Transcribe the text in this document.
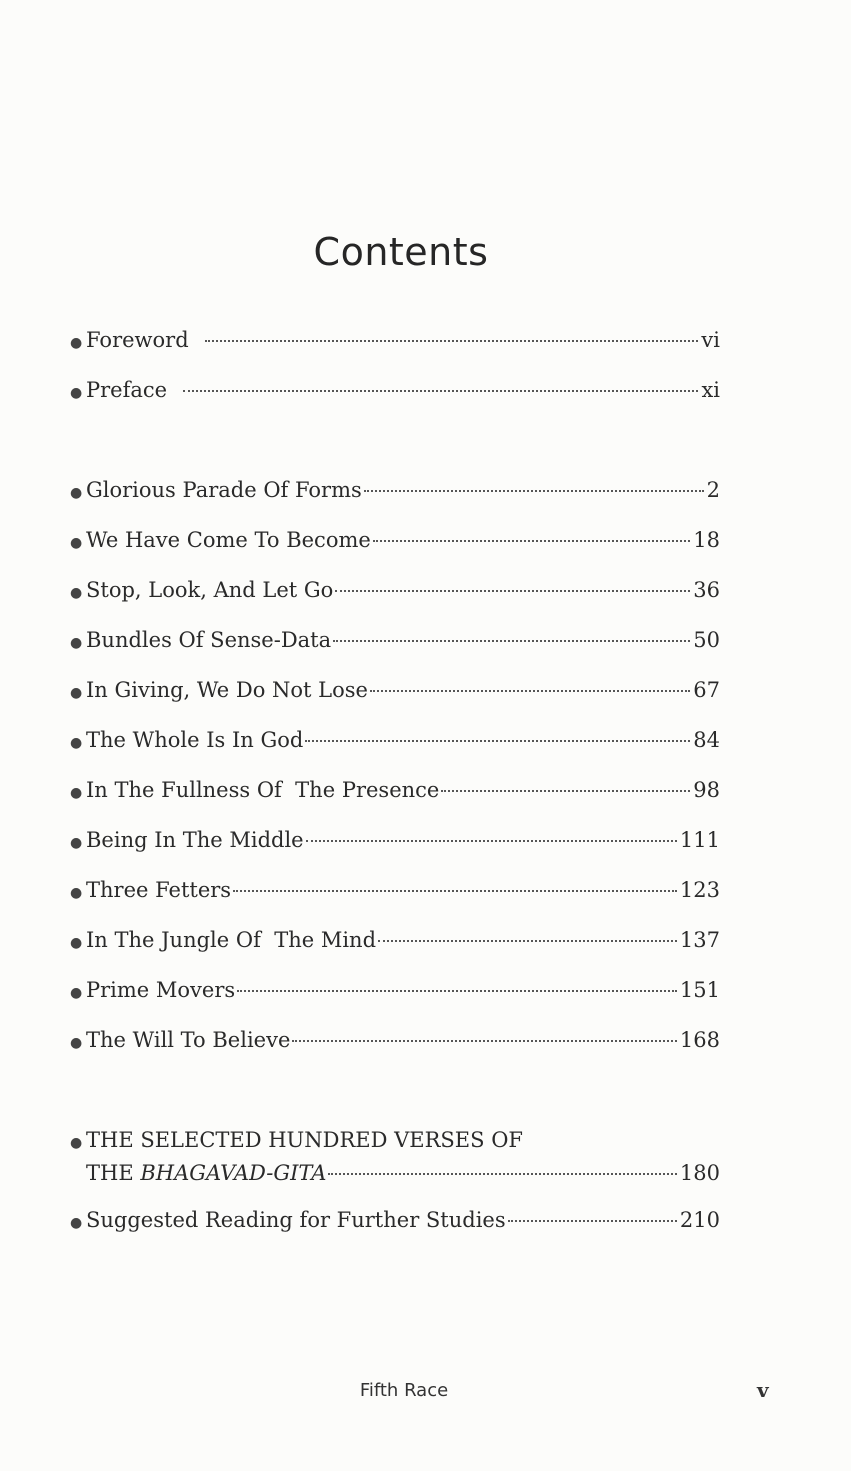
Contents
● Foreword	vi
● Preface	xi
● Glorious Parade Of Forms	2
● We Have Come To Become	18
● Stop, Look, And Let Go	36
● Bundles Of Sense-Data	50
● In Giving, We Do Not Lose	67
● The Whole Is In God	84
● In The Fullness Of  The Presence	98
● Being In The Middle	111
● Three Fetters	123
● In The Jungle Of  The Mind	137
● Prime Movers	151
● The Will To Believe	168
● THE SELECTED HUNDRED VERSES OF
THE BHAGAVAD-GITA	180
● Suggested Reading for Further Studies	210
Fifth Race	v
